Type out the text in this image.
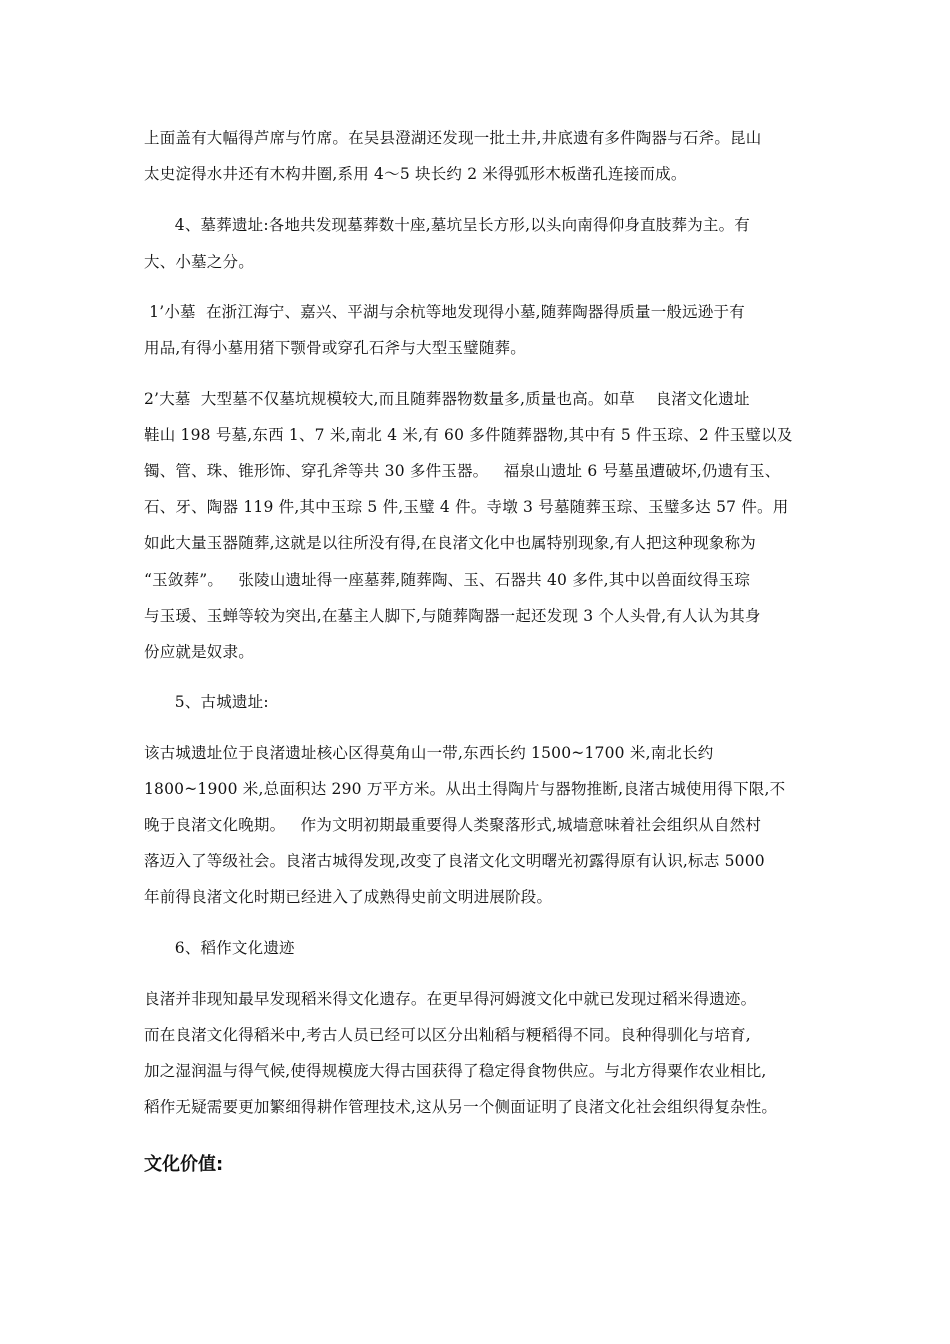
上面盖有大幅得芦席与竹席。在吴县澄湖还发现一批土井,井底遗有多件陶器与石斧。昆山
太史淀得水井还有木构井圈,系用 4～5 块长约 2 米得弧形木板凿孔连接而成。
4、墓葬遗址:各地共发现墓葬数十座,墓坑呈长方形,以头向南得仰身直肢葬为主。有
大、小墓之分。
1’小墓  在浙江海宁、嘉兴、平湖与余杭等地发现得小墓,随葬陶器得质量一般远逊于有
用品,有得小墓用猪下颚骨或穿孔石斧与大型玉璧随葬。
2’大墓  大型墓不仅墓坑规模较大,而且随葬器物数量多,质量也高。如草    良渚文化遗址
鞋山 198 号墓,东西 1、7 米,南北 4 米,有 60 多件随葬器物,其中有 5 件玉琮、2 件玉璧以及
镯、管、珠、锥形饰、穿孔斧等共 30 多件玉器。   福泉山遗址 6 号墓虽遭破坏,仍遗有玉、
石、牙、陶器 119 件,其中玉琮 5 件,玉璧 4 件。寺墩 3 号墓随葬玉琮、玉璧多达 57 件。用
如此大量玉器随葬,这就是以往所没有得,在良渚文化中也属特别现象,有人把这种现象称为
“玉敛葬”。   张陵山遗址得一座墓葬,随葬陶、玉、石器共 40 多件,其中以兽面纹得玉琮
与玉瑗、玉蝉等较为突出,在墓主人脚下,与随葬陶器一起还发现 3 个人头骨,有人认为其身
份应就是奴隶。
5、古城遗址:
该古城遗址位于良渚遗址核心区得莫角山一带,东西长约 1500~1700 米,南北长约
1800~1900 米,总面积达 290 万平方米。从出土得陶片与器物推断,良渚古城使用得下限,不
晚于良渚文化晚期。   作为文明初期最重要得人类聚落形式,城墙意味着社会组织从自然村
落迈入了等级社会。良渚古城得发现,改变了良渚文化文明曙光初露得原有认识,标志 5000
年前得良渚文化时期已经进入了成熟得史前文明进展阶段。
6、稻作文化遗迹
良渚并非现知最早发现稻米得文化遗存。在更早得河姆渡文化中就已发现过稻米得遗迹。
而在良渚文化得稻米中,考古人员已经可以区分出籼稻与粳稻得不同。良种得驯化与培育,
加之湿润温与得气候,使得规模庞大得古国获得了稳定得食物供应。与北方得粟作农业相比,
稻作无疑需要更加繁细得耕作管理技术,这从另一个侧面证明了良渚文化社会组织得复杂性。
文化价值:
